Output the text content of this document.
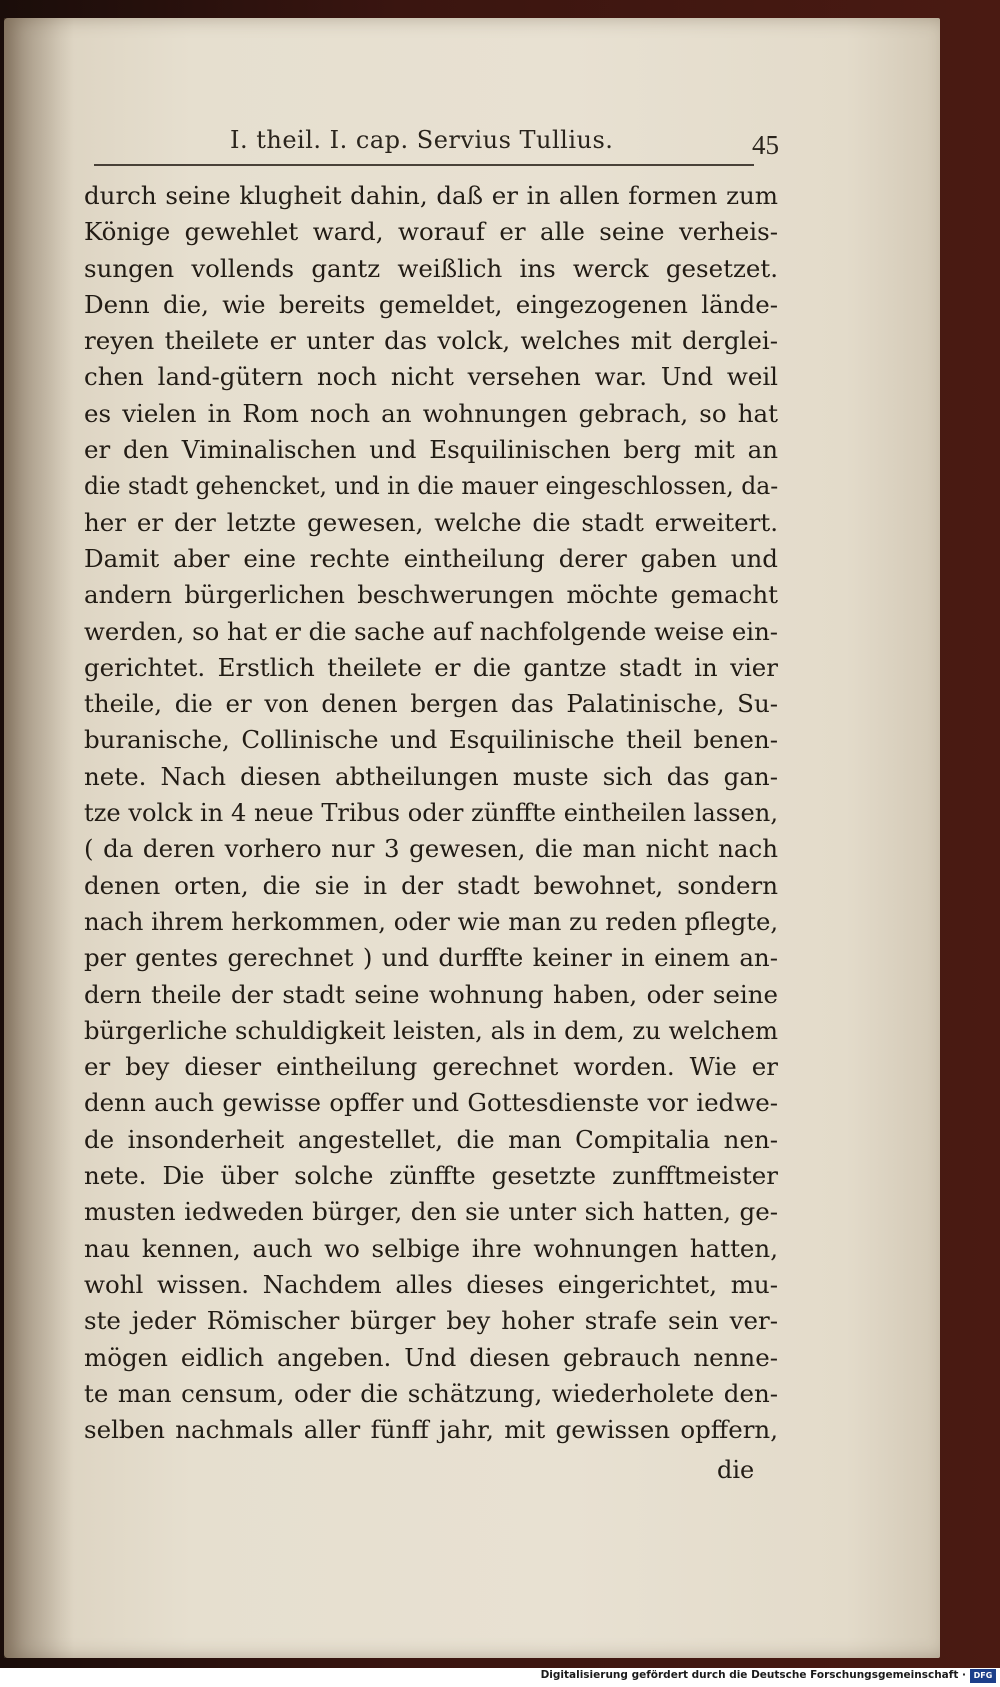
I. theil. I. cap. Servius Tullius.	45
durch seine klugheit dahin, daß er in allen formen zum
Könige gewehlet ward, worauf er alle seine verheis-
sungen vollends gantz weißlich ins werck gesetzet.
Denn die, wie bereits gemeldet, eingezogenen lände-
reyen theilete er unter das volck, welches mit derglei-
chen land-gütern noch nicht versehen war. Und weil
es vielen in Rom noch an wohnungen gebrach, so hat
er den Viminalischen und Esquilinischen berg mit an
die stadt gehencket, und in die mauer eingeschlossen, da-
her er der letzte gewesen, welche die stadt erweitert.
Damit aber eine rechte eintheilung derer gaben und
andern bürgerlichen beschwerungen möchte gemacht
werden, so hat er die sache auf nachfolgende weise ein-
gerichtet. Erstlich theilete er die gantze stadt in vier
theile, die er von denen bergen das Palatinische, Su-
buranische, Collinische und Esquilinische theil benen-
nete. Nach diesen abtheilungen muste sich das gan-
tze volck in 4 neue Tribus oder zünffte eintheilen lassen,
( da deren vorhero nur 3 gewesen, die man nicht nach
denen orten, die sie in der stadt bewohnet, sondern
nach ihrem herkommen, oder wie man zu reden pflegte,
per gentes gerechnet ) und durffte keiner in einem an-
dern theile der stadt seine wohnung haben, oder seine
bürgerliche schuldigkeit leisten, als in dem, zu welchem
er bey dieser eintheilung gerechnet worden. Wie er
denn auch gewisse opffer und Gottesdienste vor iedwe-
de insonderheit angestellet, die man Compitalia nen-
nete. Die über solche zünffte gesetzte zunfftmeister
musten iedweden bürger, den sie unter sich hatten, ge-
nau kennen, auch wo selbige ihre wohnungen hatten,
wohl wissen. Nachdem alles dieses eingerichtet, mu-
ste jeder Römischer bürger bey hoher strafe sein ver-
mögen eidlich angeben. Und diesen gebrauch nenne-
te man censum, oder die schätzung, wiederholete den-
selben nachmals aller fünff jahr, mit gewissen opffern,
die
Digitalisierung gefördert durch die Deutsche Forschungsgemeinschaft · DFG
